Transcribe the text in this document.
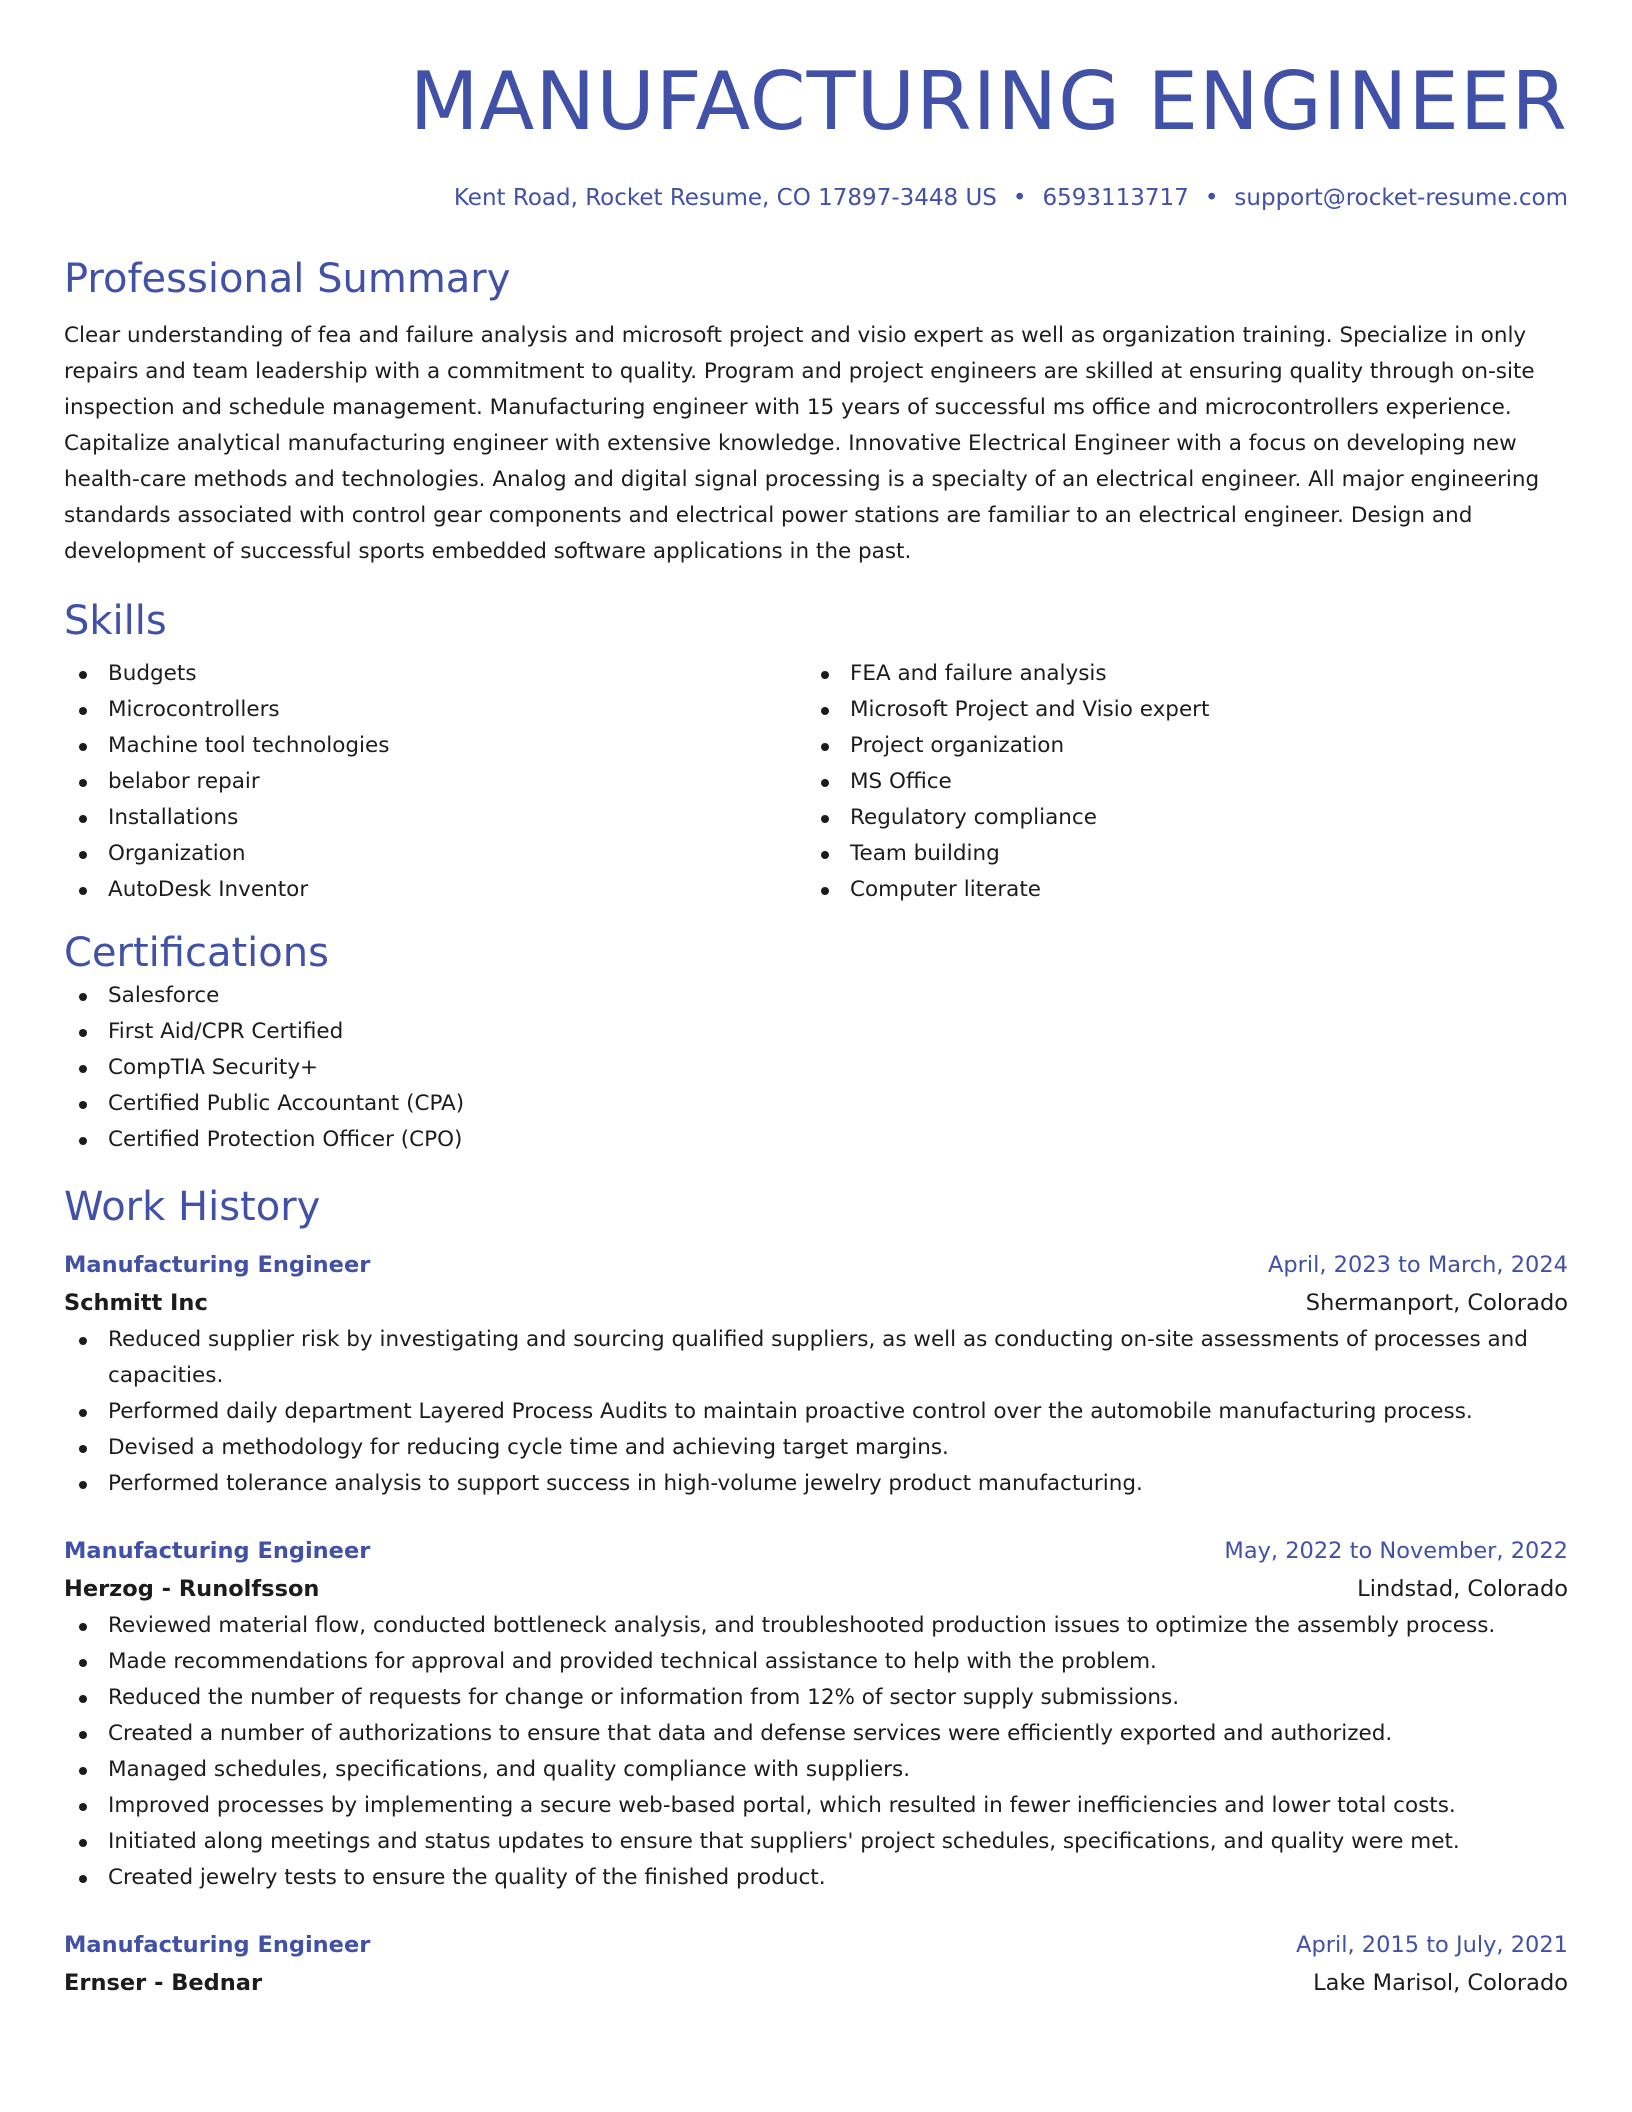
MANUFACTURING ENGINEER
Kent Road, Rocket Resume, CO 17897-3448 US • 6593113717 • support@rocket-resume.com
Professional Summary

Clear understanding of fea and failure analysis and microsoft project and visio expert as well as organization training. Specialize in only repairs and team leadership with a commitment to quality. Program and project engineers are skilled at ensuring quality through on-site inspection and schedule management. Manufacturing engineer with 15 years of successful ms office and microcontrollers experience. Capitalize analytical manufacturing engineer with extensive knowledge. Innovative Electrical Engineer with a focus on developing new health-care methods and technologies. Analog and digital signal processing is a specialty of an electrical engineer. All major engineering standards associated with control gear components and electrical power stations are familiar to an electrical engineer. Design and development of successful sports embedded software applications in the past.

Skills
Budgets
Microcontrollers
Machine tool technologies
belabor repair
Installations
Organization
AutoDesk Inventor
FEA and failure analysis
Microsoft Project and Visio expert
Project organization
MS Office
Regulatory compliance
Team building
Computer literate
Certifications
Salesforce
First Aid/CPR Certified
CompTIA Security+
Certified Public Accountant (CPA)
Certified Protection Officer (CPO)
Work History
Manufacturing Engineer	April, 2023 to March, 2024
Schmitt Inc	Shermanport, Colorado
Reduced supplier risk by investigating and sourcing qualified suppliers, as well as conducting on-site assessments of processes and capacities.
Performed daily department Layered Process Audits to maintain proactive control over the automobile manufacturing process.
Devised a methodology for reducing cycle time and achieving target margins.
Performed tolerance analysis to support success in high-volume jewelry product manufacturing.
Manufacturing Engineer	May, 2022 to November, 2022
Herzog - Runolfsson	Lindstad, Colorado
Reviewed material flow, conducted bottleneck analysis, and troubleshooted production issues to optimize the assembly process.
Made recommendations for approval and provided technical assistance to help with the problem.
Reduced the number of requests for change or information from 12% of sector supply submissions.
Created a number of authorizations to ensure that data and defense services were efficiently exported and authorized.
Managed schedules, specifications, and quality compliance with suppliers.
Improved processes by implementing a secure web-based portal, which resulted in fewer inefficiencies and lower total costs.
Initiated along meetings and status updates to ensure that suppliers' project schedules, specifications, and quality were met.
Created jewelry tests to ensure the quality of the finished product.
Manufacturing Engineer	April, 2015 to July, 2021
Ernser - Bednar	Lake Marisol, Colorado
